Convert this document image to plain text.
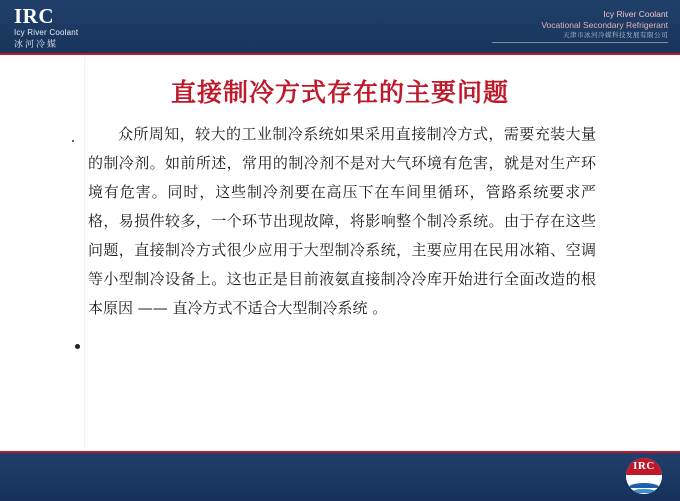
IRC
Icy River Coolant
冰河冷媒
Icy River Coolant
Vocational Secondary Refrigerant
天津市冰河冷媒科技发展有限公司
直接制冷方式存在的主要问题
众所周知，较大的工业制冷系统如果采用直接制冷方式，需要充装大量的制冷剂。如前所述，常用的制冷剂不是对大气环境有危害，就是对生产环境有危害。同时，这些制冷剂要在高压下在车间里循环，管路系统要求严格，易损件较多，一个环节出现故障，将影响整个制冷系统。由于存在这些问题，直接制冷方式很少应用于大型制冷系统，主要应用在民用冰箱、空调等小型制冷设备上。这也正是目前液氨直接制冷冷库开始进行全面改造的根本原因 —— 直冷方式不适合大型制冷系统 。
IRC
